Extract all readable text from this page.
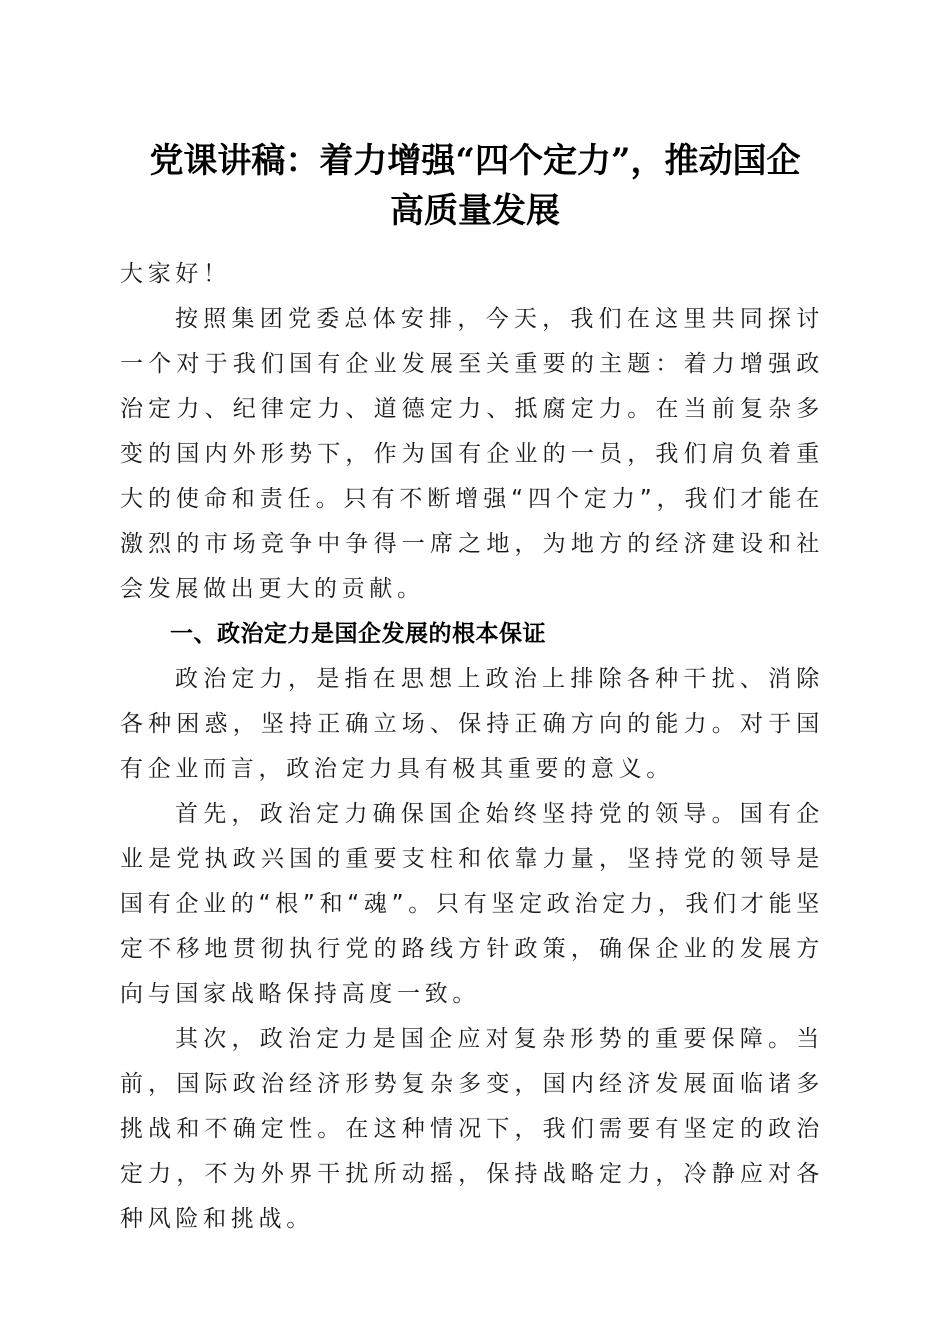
党课讲稿：着力增强“四个定力”，推动国企
高质量发展

大家好！

按照集团党委总体安排，今天，我们在这里共同探讨一个对于我们国有企业发展至关重要的主题：着力增强政治定力、纪律定力、道德定力、抵腐定力。在当前复杂多变的国内外形势下，作为国有企业的一员，我们肩负着重大的使命和责任。只有不断增强“四个定力”，我们才能在激烈的市场竞争中争得一席之地，为地方的经济建设和社会发展做出更大的贡献。

一、政治定力是国企发展的根本保证

政治定力，是指在思想上政治上排除各种干扰、消除各种困惑，坚持正确立场、保持正确方向的能力。对于国有企业而言，政治定力具有极其重要的意义。

首先，政治定力确保国企始终坚持党的领导。国有企业是党执政兴国的重要支柱和依靠力量，坚持党的领导是国有企业的“根”和“魂”。只有坚定政治定力，我们才能坚定不移地贯彻执行党的路线方针政策，确保企业的发展方向与国家战略保持高度一致。

其次，政治定力是国企应对复杂形势的重要保障。当前，国际政治经济形势复杂多变，国内经济发展面临诸多挑战和不确定性。在这种情况下，我们需要有坚定的政治定力，不为外界干扰所动摇，保持战略定力，冷静应对各种风险和挑战。
